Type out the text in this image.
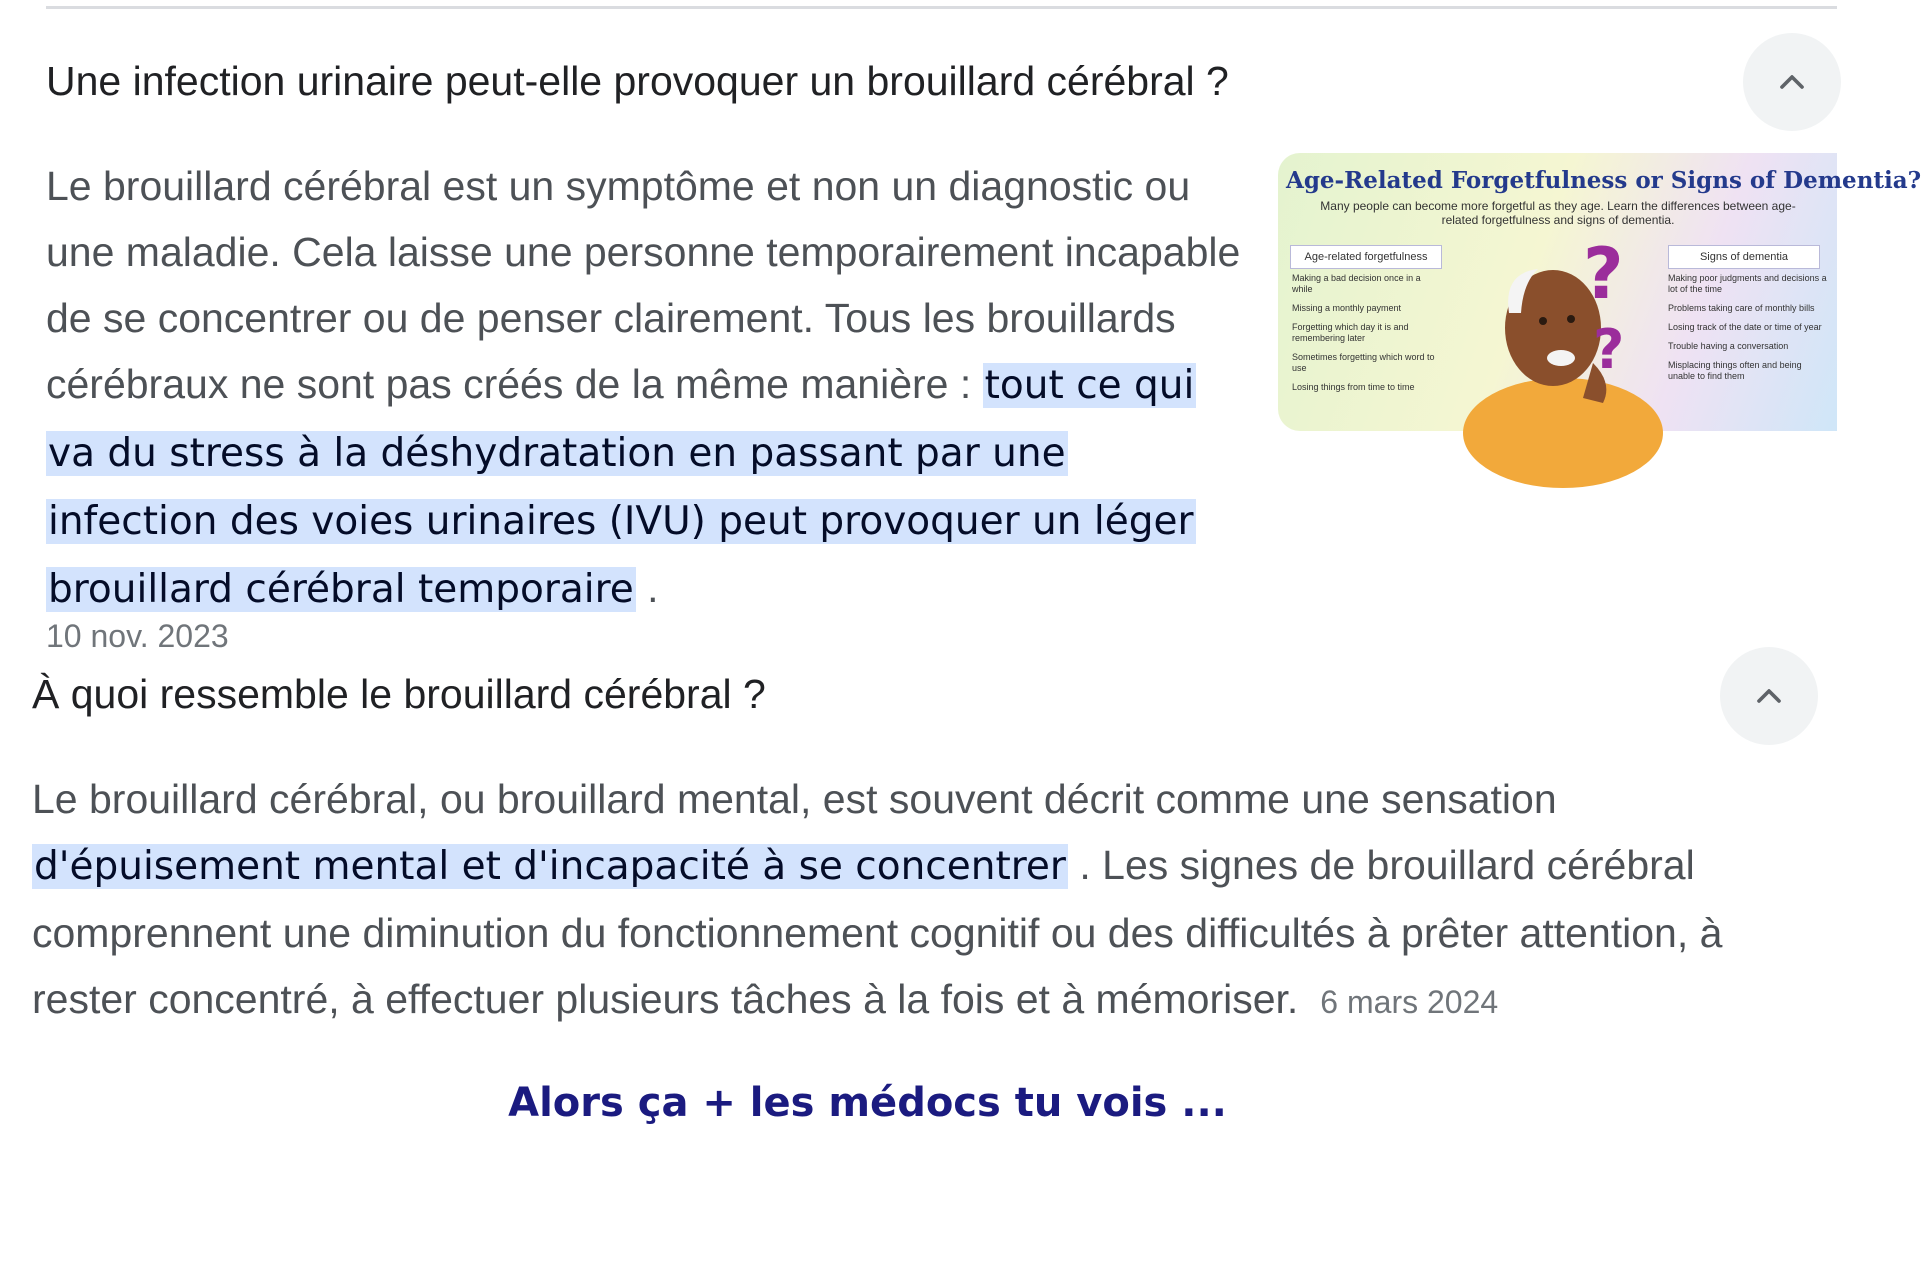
Une infection urinaire peut-elle provoquer un brouillard cérébral ?
Le brouillard cérébral est un symptôme et non un diagnostic ou une maladie. Cela laisse une personne temporairement incapable de se concentrer ou de penser clairement. Tous les brouillards cérébraux ne sont pas créés de la même manière : tout ce qui va du stress à la déshydratation en passant par une infection des voies urinaires (IVU) peut provoquer un léger brouillard cérébral temporaire .
10 nov. 2023
Age-Related Forgetfulness or Signs of Dementia?
Many people can become more forgetful as they age. Learn the differences between age-related forgetfulness and signs of dementia.
Age-related forgetfulness	Signs of dementia
Making a bad decision once in a while
Missing a monthly payment
Forgetting which day it is and remembering later
Sometimes forgetting which word to use
Losing things from time to time
Making poor judgments and decisions a lot of the time
Problems taking care of monthly bills
Losing track of the date or time of year
Trouble having a conversation
Misplacing things often and being unable to find them
?
?
À quoi ressemble le brouillard cérébral ?
Le brouillard cérébral, ou brouillard mental, est souvent décrit comme une sensation d'épuisement mental et d'incapacité à se concentrer . Les signes de brouillard cérébral comprennent une diminution du fonctionnement cognitif ou des difficultés à prêter attention, à rester concentré, à effectuer plusieurs tâches à la fois et à mémoriser. 6 mars 2024
Alors ça + les médocs tu vois ...
